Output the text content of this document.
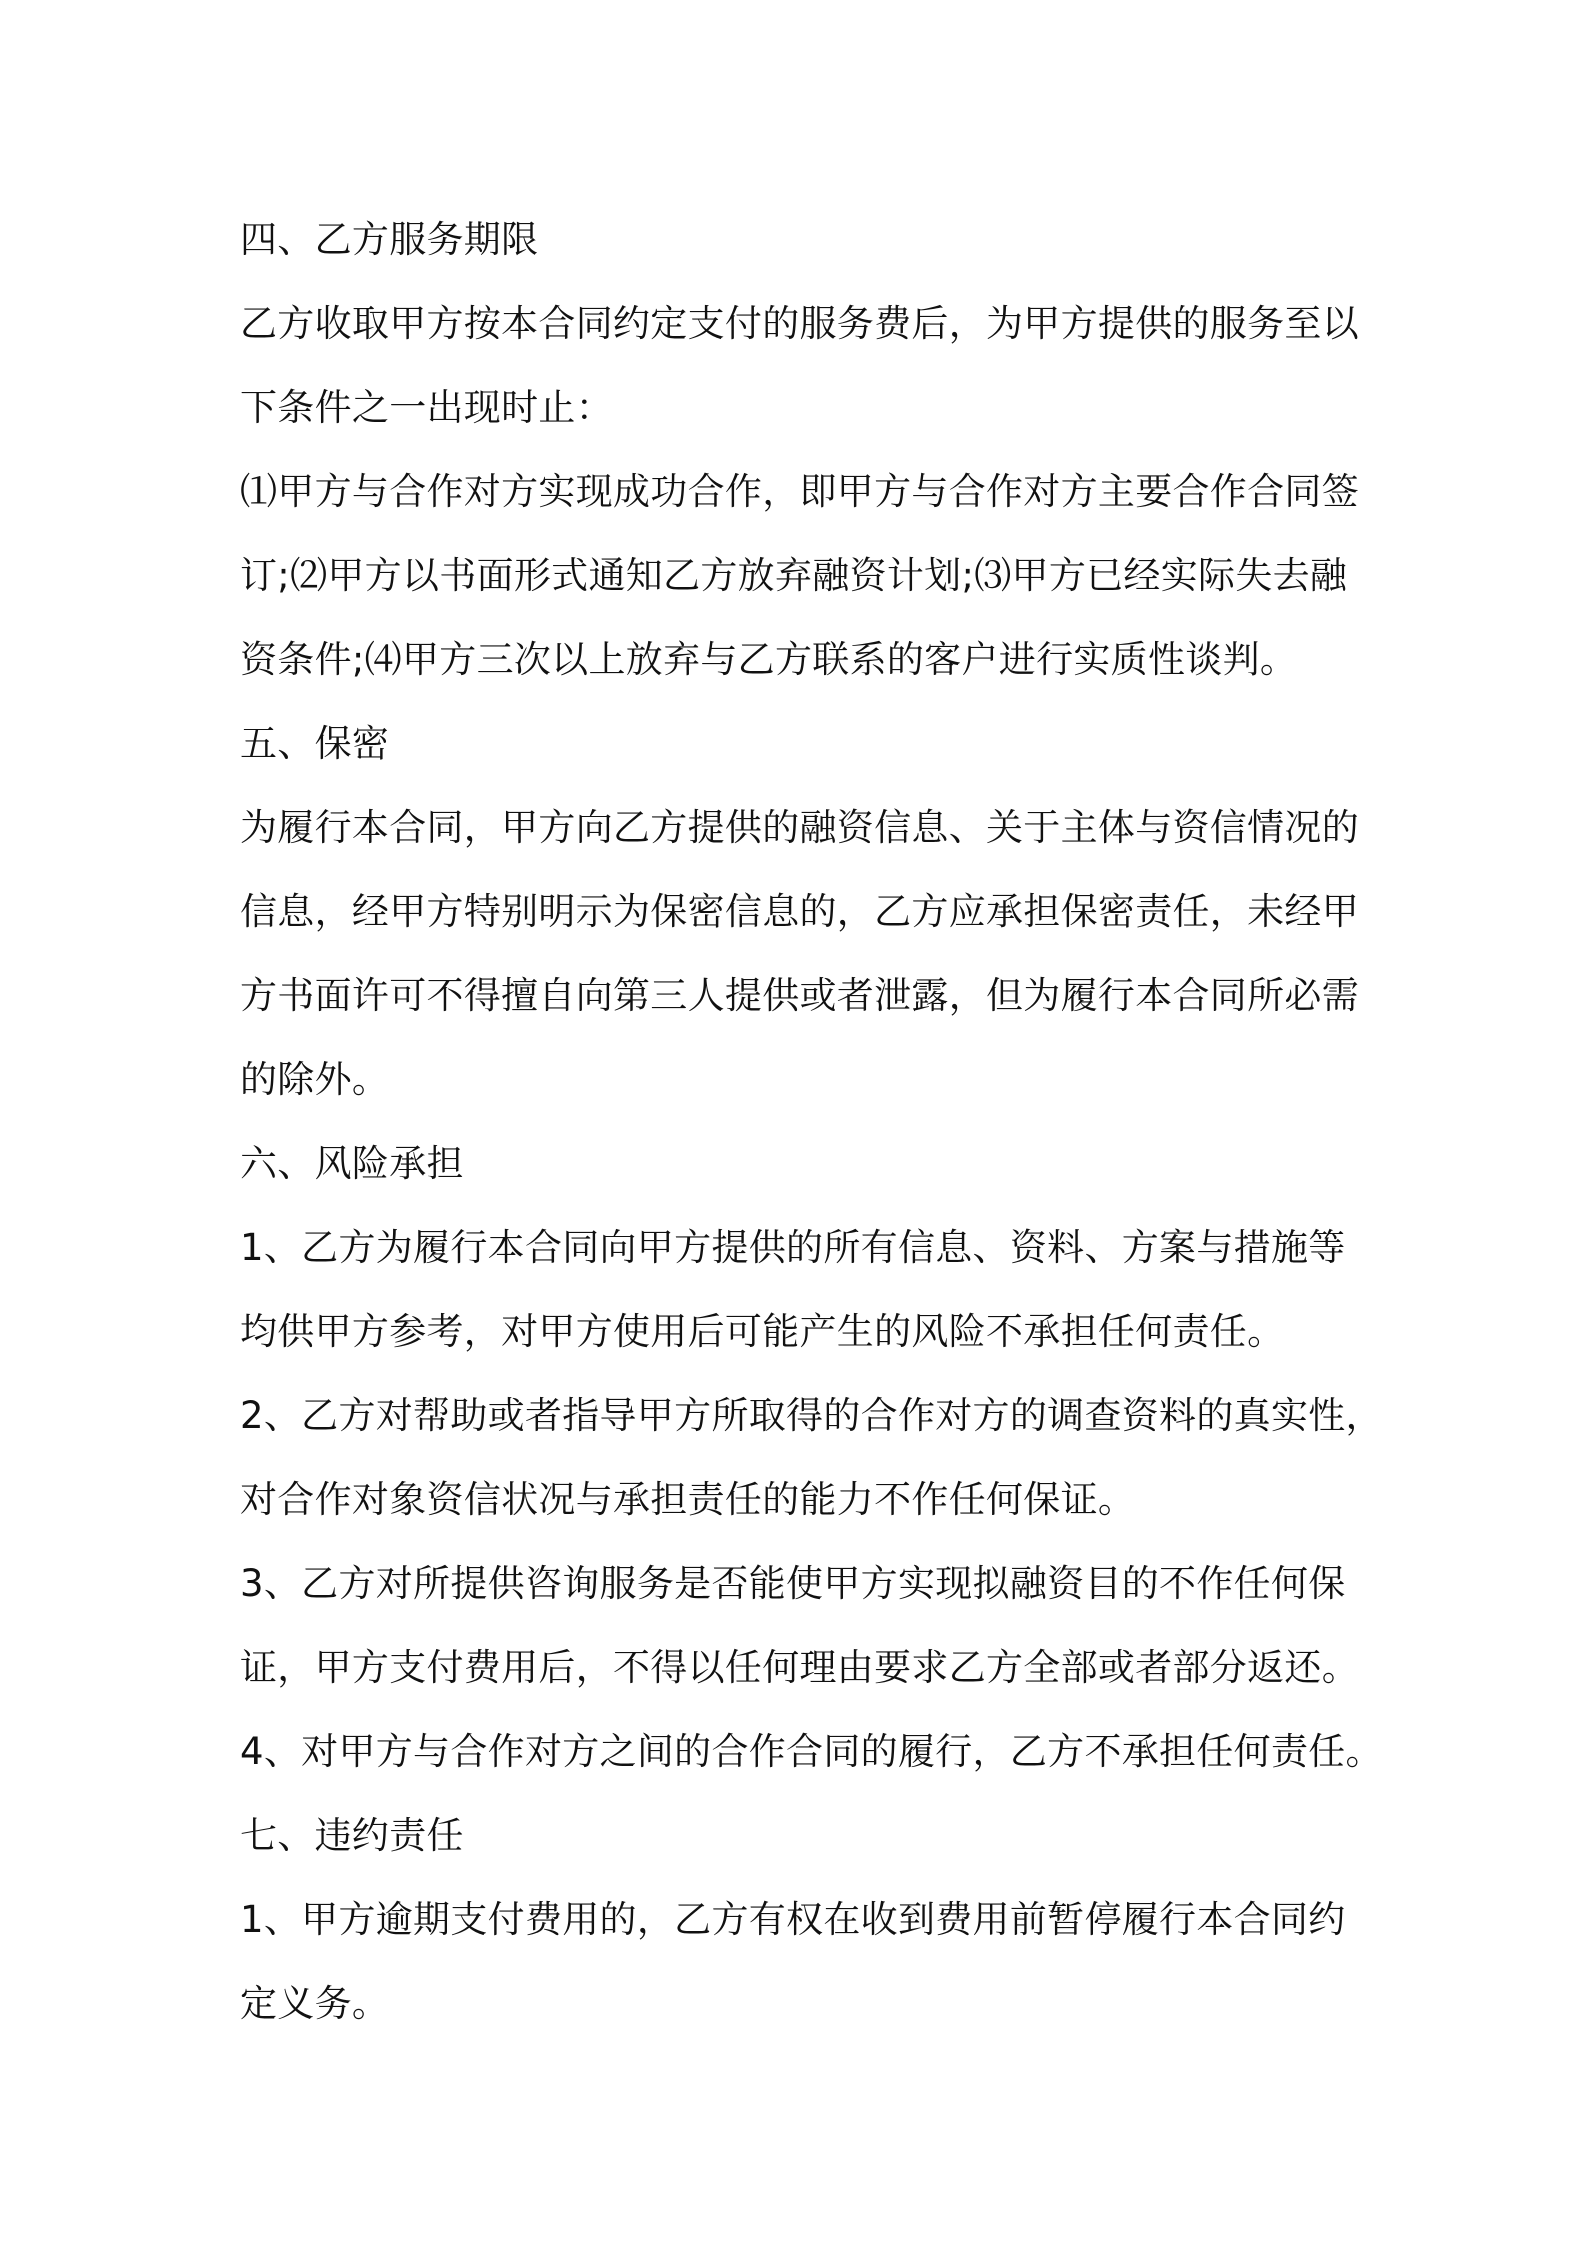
四、乙方服务期限
乙方收取甲方按本合同约定支付的服务费后，为甲方提供的服务至以
下条件之一出现时止：
⑴甲方与合作对方实现成功合作，即甲方与合作对方主要合作合同签
订;⑵甲方以书面形式通知乙方放弃融资计划;⑶甲方已经实际失去融
资条件;⑷甲方三次以上放弃与乙方联系的客户进行实质性谈判。
五、保密
为履行本合同，甲方向乙方提供的融资信息、关于主体与资信情况的
信息，经甲方特别明示为保密信息的，乙方应承担保密责任，未经甲
方书面许可不得擅自向第三人提供或者泄露，但为履行本合同所必需
的除外。
六、风险承担
1、乙方为履行本合同向甲方提供的所有信息、资料、方案与措施等
均供甲方参考，对甲方使用后可能产生的风险不承担任何责任。
2、乙方对帮助或者指导甲方所取得的合作对方的调查资料的真实性，
对合作对象资信状况与承担责任的能力不作任何保证。
3、乙方对所提供咨询服务是否能使甲方实现拟融资目的不作任何保
证，甲方支付费用后，不得以任何理由要求乙方全部或者部分返还。
4、对甲方与合作对方之间的合作合同的履行，乙方不承担任何责任。
七、违约责任
1、甲方逾期支付费用的，乙方有权在收到费用前暂停履行本合同约
定义务。
